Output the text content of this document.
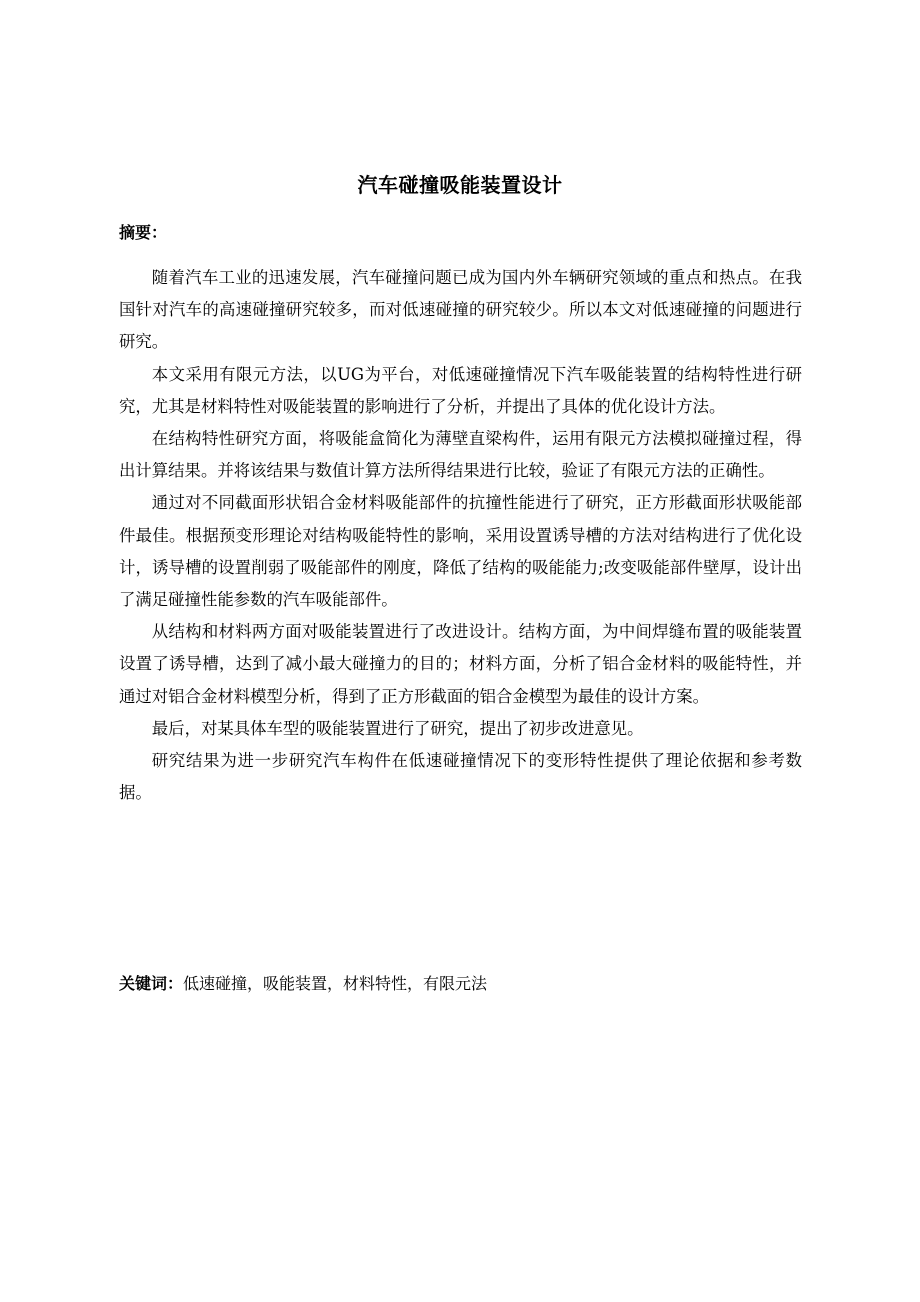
汽车碰撞吸能装置设计
摘要：

随着汽车工业的迅速发展，汽车碰撞问题已成为国内外车辆研究领域的重点和热点。在我国针对汽车的高速碰撞研究较多，而对低速碰撞的研究较少。所以本文对低速碰撞的问题进行研究。

本文采用有限元方法，以UG为平台，对低速碰撞情况下汽车吸能装置的结构特性进行研究，尤其是材料特性对吸能装置的影响进行了分析，并提出了具体的优化设计方法。

在结构特性研究方面，将吸能盒简化为薄壁直梁构件，运用有限元方法模拟碰撞过程，得出计算结果。并将该结果与数值计算方法所得结果进行比较，验证了有限元方法的正确性。

通过对不同截面形状铝合金材料吸能部件的抗撞性能进行了研究，正方形截面形状吸能部件最佳。根据预变形理论对结构吸能特性的影响，采用设置诱导槽的方法对结构进行了优化设计，诱导槽的设置削弱了吸能部件的刚度，降低了结构的吸能能力;改变吸能部件壁厚，设计出了满足碰撞性能参数的汽车吸能部件。

从结构和材料两方面对吸能装置进行了改进设计。结构方面，为中间焊缝布置的吸能装置设置了诱导槽，达到了减小最大碰撞力的目的；材料方面，分析了铝合金材料的吸能特性，并通过对铝合金材料模型分析，得到了正方形截面的铝合金模型为最佳的设计方案。

最后，对某具体车型的吸能装置进行了研究，提出了初步改进意见。

研究结果为进一步研究汽车构件在低速碰撞情况下的变形特性提供了理论依据和参考数据。

关键词：低速碰撞，吸能装置，材料特性，有限元法
